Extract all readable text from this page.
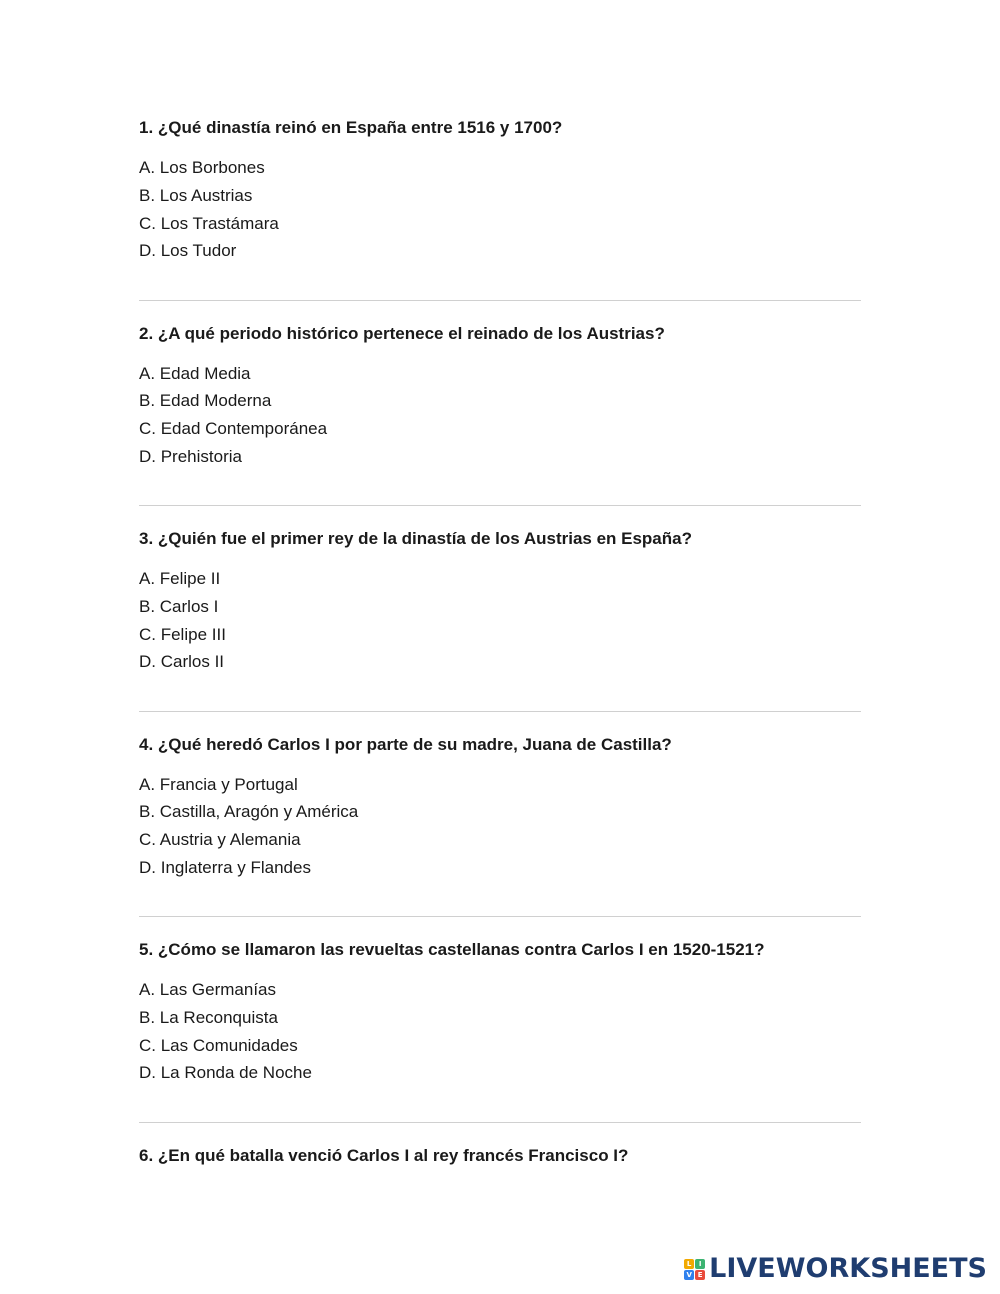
1. ¿Qué dinastía reinó en España entre 1516 y 1700?

A. Los Borbones
B. Los Austrias
C. Los Trastámara
D. Los Tudor

2. ¿A qué periodo histórico pertenece el reinado de los Austrias?

A. Edad Media
B. Edad Moderna
C. Edad Contemporánea
D. Prehistoria

3. ¿Quién fue el primer rey de la dinastía de los Austrias en España?

A. Felipe II
B. Carlos I
C. Felipe III
D. Carlos II

4. ¿Qué heredó Carlos I por parte de su madre, Juana de Castilla?

A. Francia y Portugal
B. Castilla, Aragón y América
C. Austria y Alemania
D. Inglaterra y Flandes

5. ¿Cómo se llamaron las revueltas castellanas contra Carlos I en 1520-1521?

A. Las Germanías
B. La Reconquista
C. Las Comunidades
D. La Ronda de Noche

6. ¿En qué batalla venció Carlos I al rey francés Francisco I?

L	I
V E LIVEWORKSHEETS
